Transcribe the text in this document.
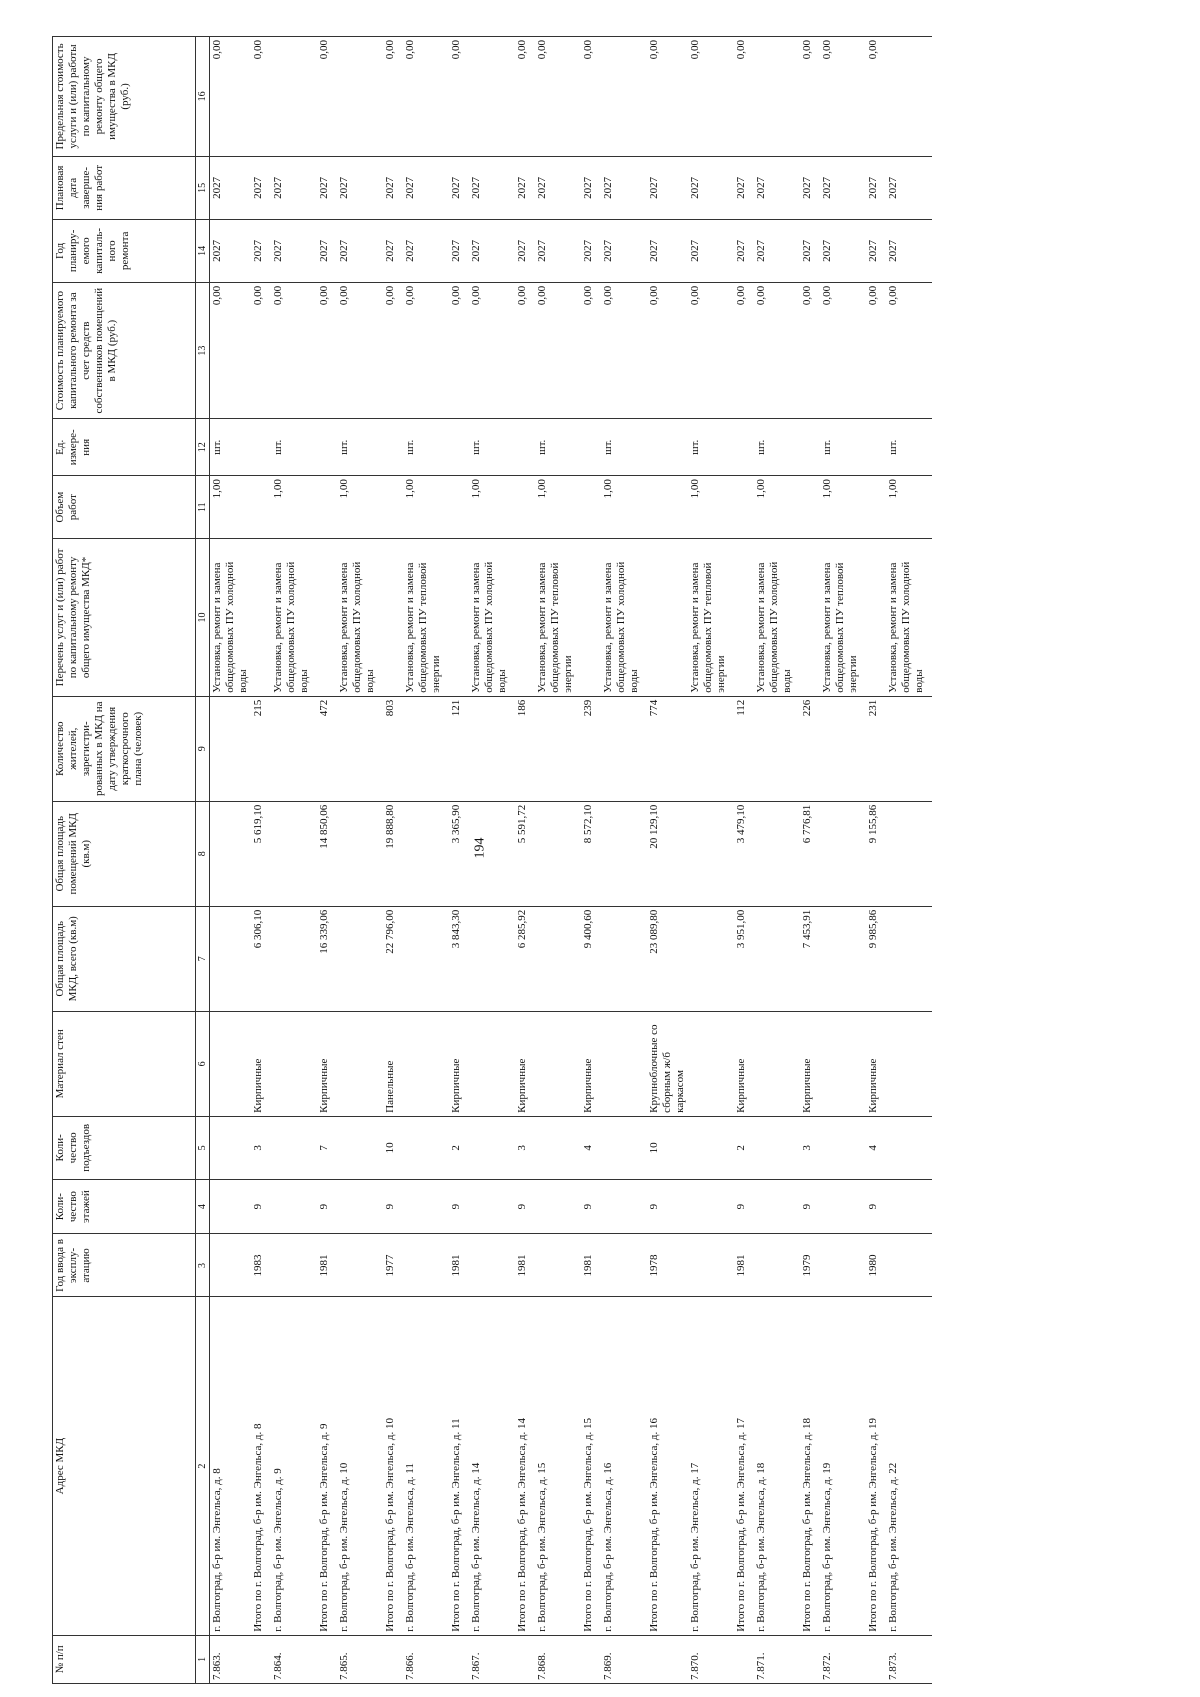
194
№ п/п	Адрес МКД	Год ввода в эксплу-атацию	Коли-чество этажей	Коли-чество подъездов	Материал стен	Общая площадь МКД, всего (кв.м)	Общая площадь помещений МКД (кв.м)	Количество жителей, зарегистри-рованных в МКД на дату утверждения краткосрочного плана (человек)	Перечень услуг и (или) работ по капитальному ремонту общего имущества МКД*	Объем работ	Ед. измере-ния	Стоимость планируемого капитального ремонта за счет средств собственников помещений в МКД (руб.)	Год планиру-емого капиталь-ного ремонта	Плановая дата заверше-ния работ	Предельная стоимость услуги и (или) работы по капитальному ремонту общего имущества в МКД (руб.)
1	2	3	4	5	6	7	8	9	10	11	12	13	14	15	16
7.863.	г. Волгоград, б-р им. Энгельса, д. 8								Установка, ремонт и замена общедомовых ПУ холодной воды	1,00	шт.	0,00	2027	2027	0,00
	Итого по г. Волгоград, б-р им. Энгельса, д. 8	1983	9	3	Кирпичные	6 306,10	5 619,10	215				0,00	2027	2027	0,00
7.864.	г. Волгоград, б-р им. Энгельса, д. 9								Установка, ремонт и замена общедомовых ПУ холодной воды	1,00	шт.	0,00	2027	2027	
	Итого по г. Волгоград, б-р им. Энгельса, д. 9	1981	9	7	Кирпичные	16 339,06	14 850,06	472				0,00	2027	2027	0,00
7.865.	г. Волгоград, б-р им. Энгельса, д. 10								Установка, ремонт и замена общедомовых ПУ холодной воды	1,00	шт.	0,00	2027	2027	
	Итого по г. Волгоград, б-р им. Энгельса, д. 10	1977	9	10	Панельные	22 796,00	19 888,80	803				0,00	2027	2027	0,00
7.866.	г. Волгоград, б-р им. Энгельса, д. 11								Установка, ремонт и замена общедомовых ПУ тепловой энергии	1,00	шт.	0,00	2027	2027	0,00
	Итого по г. Волгоград, б-р им. Энгельса, д. 11	1981	9	2	Кирпичные	3 843,30	3 365,90	121				0,00	2027	2027	0,00
7.867.	г. Волгоград, б-р им. Энгельса, д. 14								Установка, ремонт и замена общедомовых ПУ холодной воды	1,00	шт.	0,00	2027	2027	
	Итого по г. Волгоград, б-р им. Энгельса, д. 14	1981	9	3	Кирпичные	6 285,92	5 591,72	186				0,00	2027	2027	0,00
7.868.	г. Волгоград, б-р им. Энгельса, д. 15								Установка, ремонт и замена общедомовых ПУ тепловой энергии	1,00	шт.	0,00	2027	2027	0,00
	Итого по г. Волгоград, б-р им. Энгельса, д. 15	1981	9	4	Кирпичные	9 400,60	8 572,10	239				0,00	2027	2027	0,00
7.869.	г. Волгоград, б-р им. Энгельса, д. 16								Установка, ремонт и замена общедомовых ПУ холодной воды	1,00	шт.	0,00	2027	2027	
	Итого по г. Волгоград, б-р им. Энгельса, д. 16	1978	9	10	Крупноблочные со сборным ж/б каркасом	23 089,80	20 129,10	774				0,00	2027	2027	0,00
7.870.	г. Волгоград, б-р им. Энгельса, д. 17								Установка, ремонт и замена общедомовых ПУ тепловой энергии	1,00	шт.	0,00	2027	2027	0,00
	Итого по г. Волгоград, б-р им. Энгельса, д. 17	1981	9	2	Кирпичные	3 951,00	3 479,10	112				0,00	2027	2027	0,00
7.871.	г. Волгоград, б-р им. Энгельса, д. 18								Установка, ремонт и замена общедомовых ПУ холодной воды	1,00	шт.	0,00	2027	2027	
	Итого по г. Волгоград, б-р им. Энгельса, д. 18	1979	9	3	Кирпичные	7 453,91	6 776,81	226				0,00	2027	2027	0,00
7.872.	г. Волгоград, б-р им. Энгельса, д. 19								Установка, ремонт и замена общедомовых ПУ тепловой энергии	1,00	шт.	0,00	2027	2027	0,00
	Итого по г. Волгоград, б-р им. Энгельса, д. 19	1980	9	4	Кирпичные	9 985,86	9 155,86	231				0,00	2027	2027	0,00
7.873.	г. Волгоград, б-р им. Энгельса, д. 22								Установка, ремонт и замена общедомовых ПУ холодной воды	1,00	шт.	0,00	2027	2027	
